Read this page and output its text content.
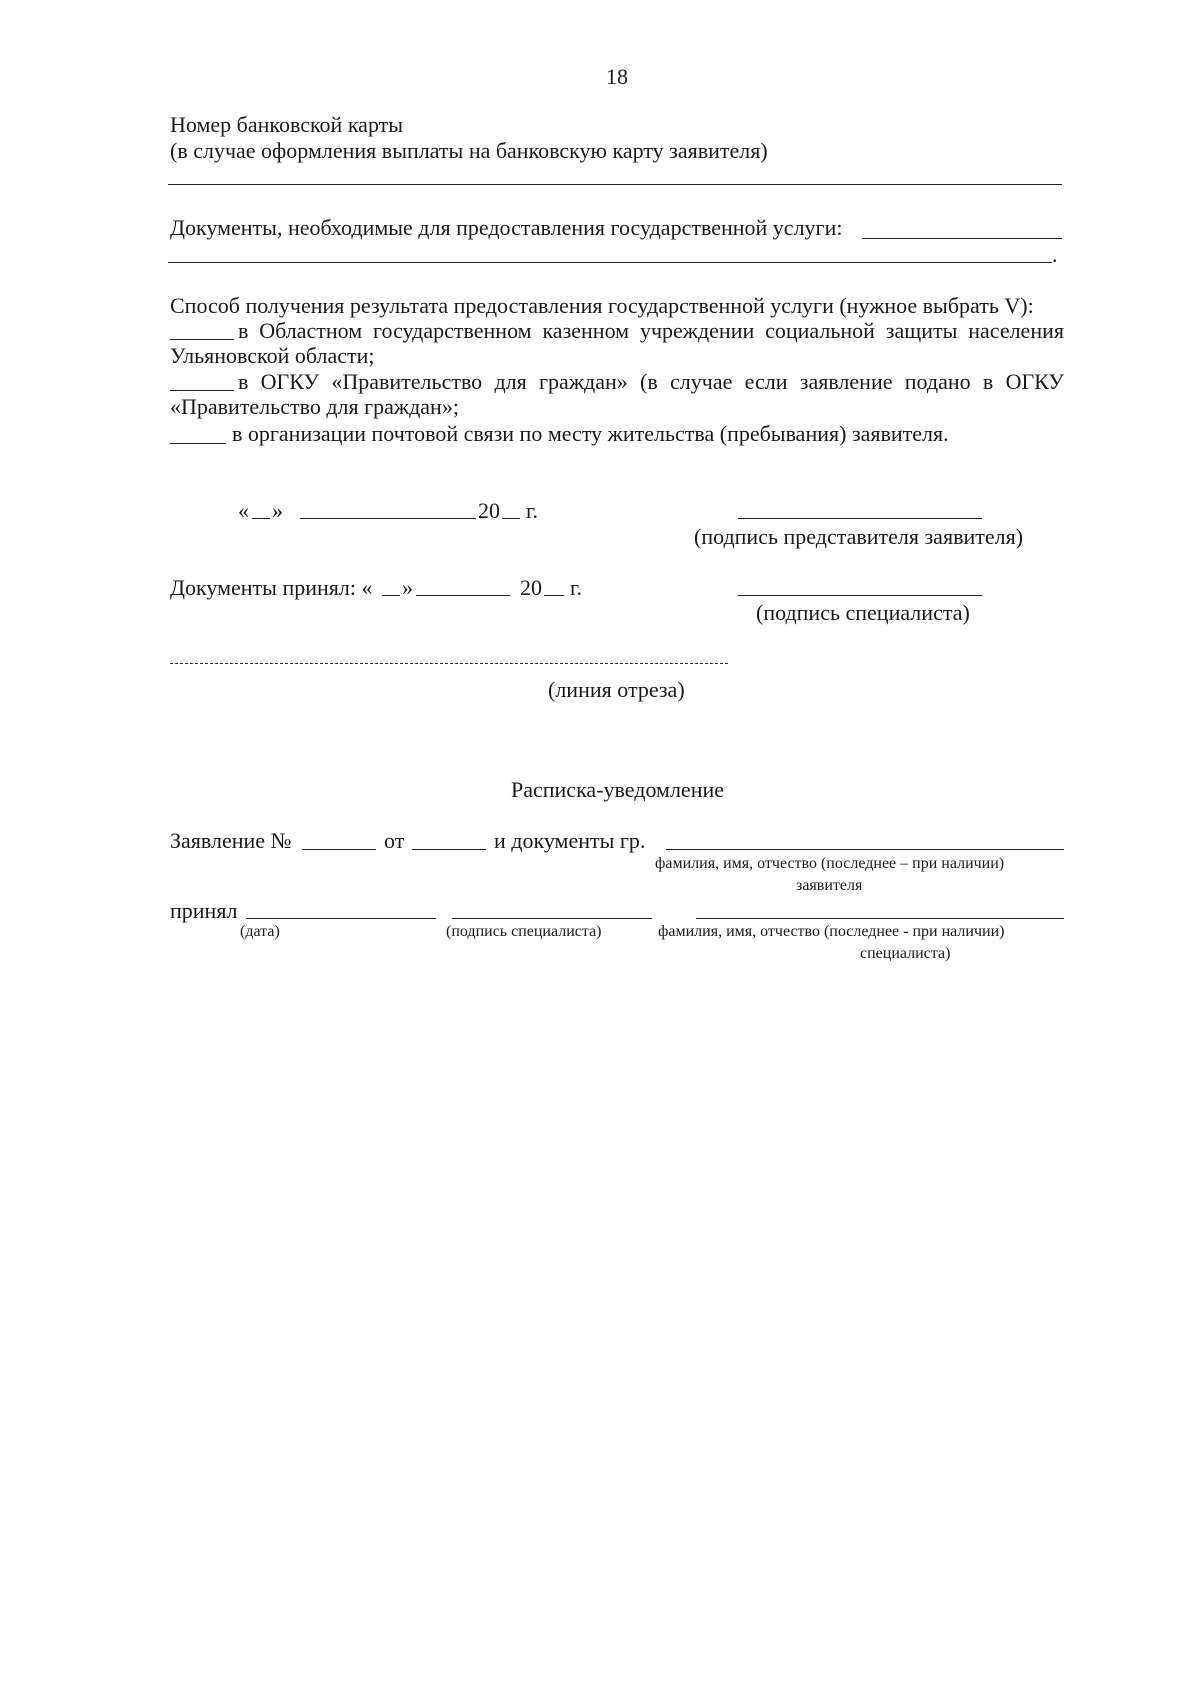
18
Номер банковской карты
(в случае оформления выплаты на банковскую карту заявителя)
Документы, необходимые для предоставления государственной услуги:
.
Способ получения результата предоставления государственной услуги (нужное выбрать V):
в Областном государственном казенном учреждении социальной защиты населения
Ульяновской области;
в ОГКУ «Правительство для граждан» (в случае если заявление подано в ОГКУ
«Правительство для граждан»;
в организации почтовой связи по месту жительства (пребывания) заявителя.
« »	20 г.
(подпись представителя заявителя)
Документы принял: « »	20 г.
(подпись специалиста)
(линия отреза)
Расписка-уведомление
Заявление №	от	и документы гр.
фамилия, имя, отчество (последнее – при наличии)
заявителя
принял
(дата)	(подпись специалиста)	фамилия, имя, отчество (последнее - при наличии)
специалиста)
